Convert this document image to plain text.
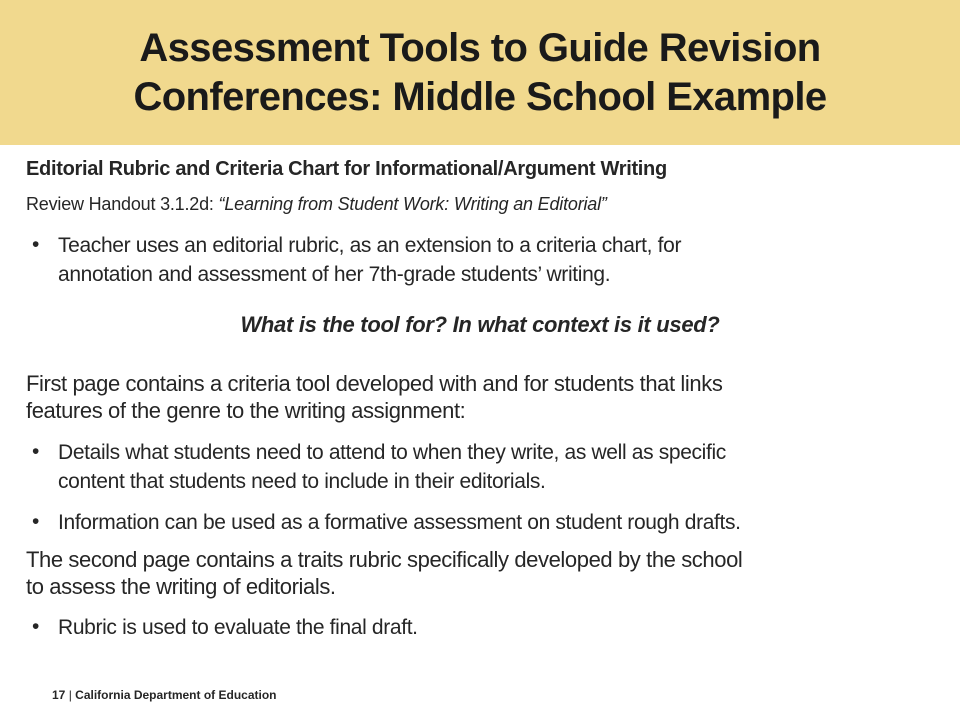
Assessment Tools to Guide Revision
Conferences: Middle School Example
Editorial Rubric and Criteria Chart for Informational/Argument Writing
Review Handout 3.1.2d: “Learning from Student Work: Writing an Editorial”
• Teacher uses an editorial rubric, as an extension to a criteria chart, for
annotation and assessment of her 7th-grade students’ writing.
What is the tool for? In what context is it used?
First page contains a criteria tool developed with and for students that links
features of the genre to the writing assignment:
• Details what students need to attend to when they write, as well as specific
content that students need to include in their editorials.
• Information can be used as a formative assessment on student rough drafts.
The second page contains a traits rubric specifically developed by the school
to assess the writing of editorials.
• Rubric is used to evaluate the final draft.
17 | California Department of Education
